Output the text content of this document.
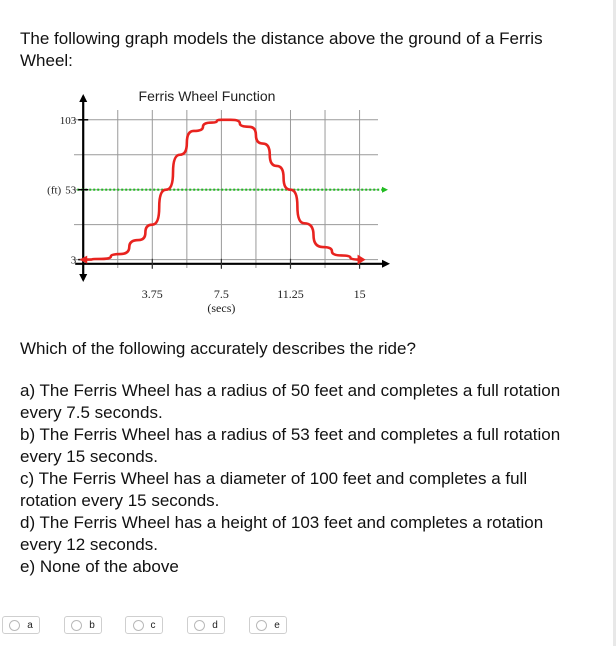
The following graph models the distance above the ground of a Ferris Wheel:
Ferris Wheel Function
3
53
103
(ft)
3.75	7.5	11.25	15
(secs)
Which of the following accurately describes the ride?
a) The Ferris Wheel has a radius of 50 feet and completes a full rotation every 7.5 seconds.
b) The Ferris Wheel has a radius of 53 feet and completes a full rotation every 15 seconds.
c) The Ferris Wheel has a diameter of 100 feet and completes a full rotation every 15 seconds.
d) The Ferris Wheel has a height of 103 feet and completes a rotation every 12 seconds.
e) None of the above
a	b	c	d	e
